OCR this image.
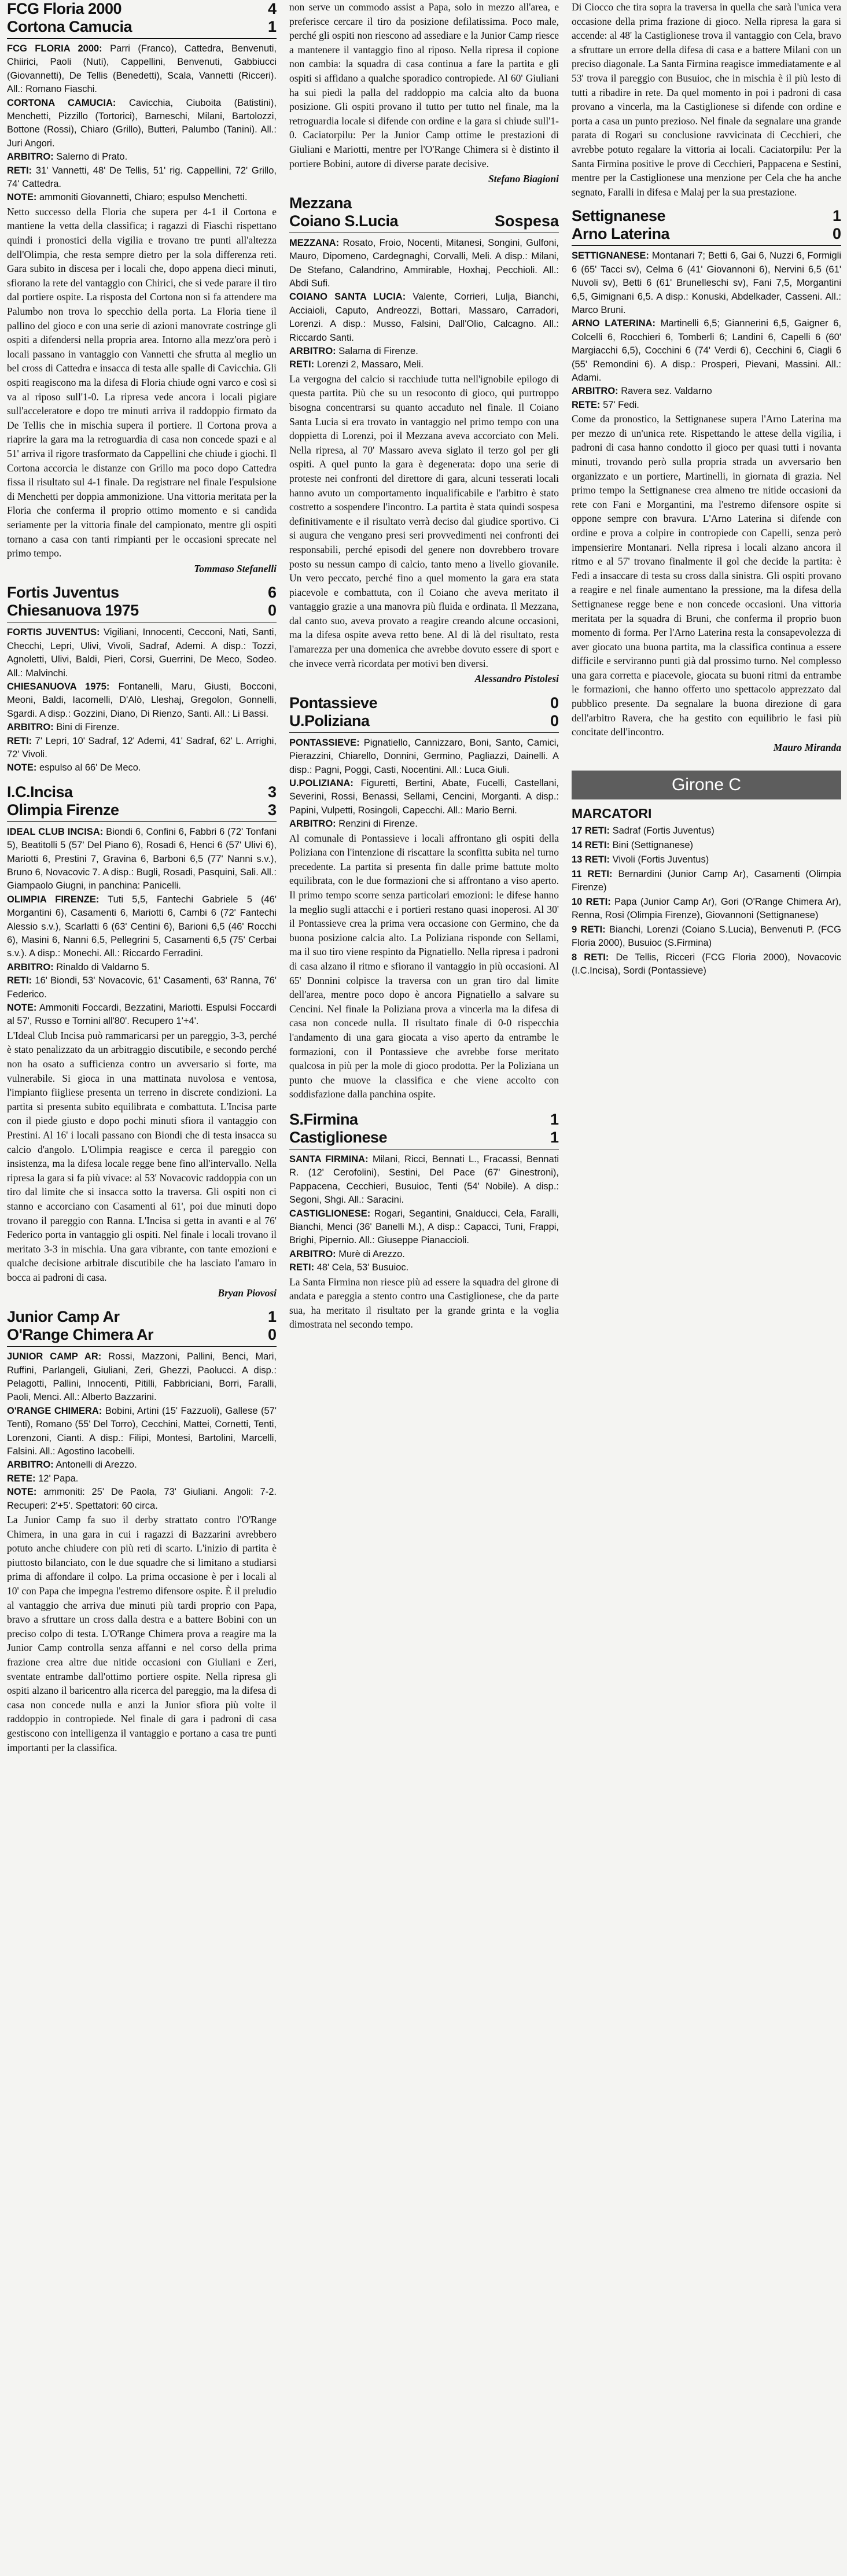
FCG Floria 2000	4
Cortona Camucia	1
FCG FLORIA 2000: Parri (Franco), Cattedra, Benvenuti, Chiirici, Paoli (Nuti), Cappellini, Benvenuti, Gabbiucci (Giovannetti), De Tellis (Benedetti), Scala, Vannetti (Ricceri). All.: Romano Fiaschi.
CORTONA CAMUCIA: Cavicchia, Ciuboita (Batistini), Menchetti, Pizzillo (Tortorici), Barneschi, Milani, Bartolozzi, Bottone (Rossi), Chiaro (Grillo), Butteri, Palumbo (Tanini). All.: Juri Angori.
ARBITRO: Salerno di Prato.
RETI: 31' Vannetti, 48' De Tellis, 51' rig. Cappellini, 72' Grillo, 74' Cattedra.
NOTE: ammoniti Giovannetti, Chiaro; espulso Menchetti.

Netto successo della Floria che supera per 4-1 il Cortona e mantiene la vetta della classifica; i ragazzi di Fiaschi rispettano quindi i pronostici della vigilia e trovano tre punti all'altezza dell'Olimpia, che resta sempre dietro per la sola differenza reti. Gara subito in discesa per i locali che, dopo appena dieci minuti, sfiorano la rete del vantaggio con Chirici, che si vede parare il tiro dal portiere ospite. La risposta del Cortona non si fa attendere ma Palumbo non trova lo specchio della porta. La Floria tiene il pallino del gioco e con una serie di azioni manovrate costringe gli ospiti a difendersi nella propria area. Intorno alla mezz'ora però i locali passano in vantaggio con Vannetti che sfrutta al meglio un bel cross di Cattedra e insacca di testa alle spalle di Cavicchia. Gli ospiti reagiscono ma la difesa di Floria chiude ogni varco e così si va al riposo sull'1-0. La ripresa vede ancora i locali pigiare sull'acceleratore e dopo tre minuti arriva il raddoppio firmato da De Tellis che in mischia supera il portiere. Il Cortona prova a riaprire la gara ma la retroguardia di casa non concede spazi e al 51' arriva il rigore trasformato da Cappellini che chiude i giochi. Il Cortona accorcia le distanze con Grillo ma poco dopo Cattedra fissa il risultato sul 4-1 finale. Da registrare nel finale l'espulsione di Menchetti per doppia ammonizione. Una vittoria meritata per la Floria che conferma il proprio ottimo momento e si candida seriamente per la vittoria finale del campionato, mentre gli ospiti tornano a casa con tanti rimpianti per le occasioni sprecate nel primo tempo.

Tommaso Stefanelli
Fortis Juventus	6
Chiesanuova 1975	0
FORTIS JUVENTUS: Vigiliani, Innocenti, Cecconi, Nati, Santi, Checchi, Lepri, Ulivi, Vivoli, Sadraf, Ademi. A disp.: Tozzi, Agnoletti, Ulivi, Baldi, Pieri, Corsi, Guerrini, De Meco, Sodeo. All.: Malvinchi.
CHIESANUOVA 1975: Fontanelli, Maru, Giusti, Bocconi, Meoni, Baldi, Iacomelli, D'Alò, Lleshaj, Gregolon, Gonnelli, Sgardi. A disp.: Gozzini, Diano, Di Rienzo, Santi. All.: Li Bassi.
ARBITRO: Bini di Firenze.
RETI: 7' Lepri, 10' Sadraf, 12' Ademi, 41' Sadraf, 62' L. Arrighi, 72' Vivoli.
NOTE: espulso al 66' De Meco.
I.C.Incisa	3
Olimpia Firenze	3
IDEAL CLUB INCISA: Biondi 6, Confini 6, Fabbri 6 (72' Tonfani 5), Beatitolli 5 (57' Del Piano 6), Rosadi 6, Henci 6 (57' Ulivi 6), Mariotti 6, Prestini 7, Gravina 6, Barboni 6,5 (77' Nanni s.v.), Bruno 6, Novacovic 7. A disp.: Bugli, Rosadi, Pasquini, Sali. All.: Giampaolo Giugni, in panchina: Panicelli.
OLIMPIA FIRENZE: Tuti 5,5, Fantechi Gabriele 5 (46' Morgantini 6), Casamenti 6, Mariotti 6, Cambi 6 (72' Fantechi Alessio s.v.), Scarlatti 6 (63' Centini 6), Barioni 6,5 (46' Rocchi 6), Masini 6, Nanni 6,5, Pellegrini 5, Casamenti 6,5 (75' Cerbai s.v.). A disp.: Monechi. All.: Riccardo Ferradini.
ARBITRO: Rinaldo di Valdarno 5.
RETI: 16' Biondi, 53' Novacovic, 61' Casamenti, 63' Ranna, 76' Federico.
NOTE: Ammoniti Foccardi, Bezzatini, Mariotti. Espulsi Foccardi al 57', Russo e Tornini all'80'. Recupero 1'+4'.

L'Ideal Club Incisa può rammaricarsi per un pareggio, 3-3, perché è stato penalizzato da un arbitraggio discutibile, e secondo perché non ha osato a sufficienza contro un avversario si forte, ma vulnerabile. Si gioca in una mattinata nuvolosa e ventosa, l'impianto fiigliese presenta un terreno in discrete condizioni. La partita si presenta subito equilibrata e combattuta. L'Incisa parte con il piede giusto e dopo pochi minuti sfiora il vantaggio con Prestini. Al 16' i locali passano con Biondi che di testa insacca su calcio d'angolo. L'Olimpia reagisce e cerca il pareggio con insistenza, ma la difesa locale regge bene fino all'intervallo. Nella ripresa la gara si fa più vivace: al 53' Novacovic raddoppia con un tiro dal limite che si insacca sotto la traversa. Gli ospiti non ci stanno e accorciano con Casamenti al 61', poi due minuti dopo trovano il pareggio con Ranna. L'Incisa si getta in avanti e al 76' Federico porta in vantaggio gli ospiti. Nel finale i locali trovano il meritato 3-3 in mischia. Una gara vibrante, con tante emozioni e qualche decisione arbitrale discutibile che ha lasciato l'amaro in bocca ai padroni di casa.

Bryan Piovosi
Junior Camp Ar	1
O'Range Chimera Ar	0
JUNIOR CAMP AR: Rossi, Mazzoni, Pallini, Benci, Mari, Ruffini, Parlangeli, Giuliani, Zeri, Ghezzi, Paolucci. A disp.: Pelagotti, Pallini, Innocenti, Pitilli, Fabbriciani, Borri, Faralli, Paoli, Menci. All.: Alberto Bazzarini.
O'RANGE CHIMERA: Bobini, Artini (15' Fazzuoli), Gallese (57' Tenti), Romano (55' Del Torro), Cecchini, Mattei, Cornetti, Tenti, Lorenzoni, Cianti. A disp.: Filipi, Montesi, Bartolini, Marcelli, Falsini. All.: Agostino Iacobelli.
ARBITRO: Antonelli di Arezzo.
RETE: 12' Papa.
NOTE: ammoniti: 25' De Paola, 73' Giuliani. Angoli: 7-2. Recuperi: 2'+5'. Spettatori: 60 circa.

La Junior Camp fa suo il derby strattato contro l'O'Range Chimera, in una gara in cui i ragazzi di Bazzarini avrebbero potuto anche chiudere con più reti di scarto. L'inizio di partita è piuttosto bilanciato, con le due squadre che si limitano a studiarsi prima di affondare il colpo. La prima occasione è per i locali al 10' con Papa che impegna l'estremo difensore ospite. È il preludio al vantaggio che arriva due minuti più tardi proprio con Papa, bravo a sfruttare un cross dalla destra e a battere Bobini con un preciso colpo di testa. L'O'Range Chimera prova a reagire ma la Junior Camp controlla senza affanni e nel corso della prima frazione crea altre due nitide occasioni con Giuliani e Zeri, sventate entrambe dall'ottimo portiere ospite. Nella ripresa gli ospiti alzano il baricentro alla ricerca del pareggio, ma la difesa di casa non concede nulla e anzi la Junior sfiora più volte il raddoppio in contropiede. Nel finale di gara i padroni di casa gestiscono con intelligenza il vantaggio e portano a casa tre punti importanti per la classifica.

non serve un commodo assist a Papa, solo in mezzo all'area, e preferisce cercare il tiro da posizione defilatissima. Poco male, perché gli ospiti non riescono ad assediare e la Junior Camp riesce a mantenere il vantaggio fino al riposo. Nella ripresa il copione non cambia: la squadra di casa continua a fare la partita e gli ospiti si affidano a qualche sporadico contropiede. Al 60' Giuliani ha sui piedi la palla del raddoppio ma calcia alto da buona posizione. Gli ospiti provano il tutto per tutto nel finale, ma la retroguardia locale si difende con ordine e la gara si chiude sull'1-0. Caciatorpilu: Per la Junior Camp ottime le prestazioni di Giuliani e Mariotti, mentre per l'O'Range Chimera si è distinto il portiere Bobini, autore di diverse parate decisive.

Stefano Biagioni
Mezzana
Coiano S.Lucia	Sospesa
MEZZANA: Rosato, Froio, Nocenti, Mitanesi, Songini, Gulfoni, Mauro, Dipomeno, Cardegnaghi, Corvalli, Meli. A disp.: Milani, De Stefano, Calandrino, Ammirable, Hoxhaj, Pecchioli. All.: Abdi Sufi.
COIANO SANTA LUCIA: Valente, Corrieri, Lulja, Bianchi, Acciaioli, Caputo, Andreozzi, Bottari, Massaro, Carradori, Lorenzi. A disp.: Musso, Falsini, Dall'Olio, Calcagno. All.: Riccardo Santi.
ARBITRO: Salama di Firenze.
RETI: Lorenzi 2, Massaro, Meli.

La vergogna del calcio si racchiude tutta nell'ignobile epilogo di questa partita. Più che su un resoconto di gioco, qui purtroppo bisogna concentrarsi su quanto accaduto nel finale. Il Coiano Santa Lucia si era trovato in vantaggio nel primo tempo con una doppietta di Lorenzi, poi il Mezzana aveva accorciato con Meli. Nella ripresa, al 70' Massaro aveva siglato il terzo gol per gli ospiti. A quel punto la gara è degenerata: dopo una serie di proteste nei confronti del direttore di gara, alcuni tesserati locali hanno avuto un comportamento inqualificabile e l'arbitro è stato costretto a sospendere l'incontro. La partita è stata quindi sospesa definitivamente e il risultato verrà deciso dal giudice sportivo. Ci si augura che vengano presi seri provvedimenti nei confronti dei responsabili, perché episodi del genere non dovrebbero trovare posto su nessun campo di calcio, tanto meno a livello giovanile. Un vero peccato, perché fino a quel momento la gara era stata piacevole e combattuta, con il Coiano che aveva meritato il vantaggio grazie a una manovra più fluida e ordinata. Il Mezzana, dal canto suo, aveva provato a reagire creando alcune occasioni, ma la difesa ospite aveva retto bene. Al di là del risultato, resta l'amarezza per una domenica che avrebbe dovuto essere di sport e che invece verrà ricordata per motivi ben diversi.

Alessandro Pistolesi
Pontassieve	0
U.Poliziana	0
PONTASSIEVE: Pignatiello, Cannizzaro, Boni, Santo, Camici, Pierazzini, Chiarello, Donnini, Germino, Pagliazzi, Dainelli. A disp.: Pagni, Poggi, Casti, Nocentini. All.: Luca Giuli.
U.POLIZIANA: Figuretti, Bertini, Abate, Fucelli, Castellani, Severini, Rossi, Benassi, Sellami, Cencini, Morganti. A disp.: Papini, Vulpetti, Rosingoli, Capecchi. All.: Mario Berni.
ARBITRO: Renzini di Firenze.

Al comunale di Pontassieve i locali affrontano gli ospiti della Poliziana con l'intenzione di riscattare la sconfitta subita nel turno precedente. La partita si presenta fin dalle prime battute molto equilibrata, con le due formazioni che si affrontano a viso aperto. Il primo tempo scorre senza particolari emozioni: le difese hanno la meglio sugli attacchi e i portieri restano quasi inoperosi. Al 30' il Pontassieve crea la prima vera occasione con Germino, che da buona posizione calcia alto. La Poliziana risponde con Sellami, ma il suo tiro viene respinto da Pignatiello. Nella ripresa i padroni di casa alzano il ritmo e sfiorano il vantaggio in più occasioni. Al 65' Donnini colpisce la traversa con un gran tiro dal limite dell'area, mentre poco dopo è ancora Pignatiello a salvare su Cencini. Nel finale la Poliziana prova a vincerla ma la difesa di casa non concede nulla. Il risultato finale di 0-0 rispecchia l'andamento di una gara giocata a viso aperto da entrambe le formazioni, con il Pontassieve che avrebbe forse meritato qualcosa in più per la mole di gioco prodotta. Per la Poliziana un punto che muove la classifica e che viene accolto con soddisfazione dalla panchina ospite.

S.Firmina	1
Castiglionese	1
SANTA FIRMINA: Milani, Ricci, Bennati L., Fracassi, Bennati R. (12' Cerofolini), Sestini, Del Pace (67' Ginestroni), Pappacena, Cecchieri, Busuioc, Tenti (54' Nobile). A disp.: Segoni, Shgi. All.: Saracini.
CASTIGLIONESE: Rogari, Segantini, Gnalducci, Cela, Faralli, Bianchi, Menci (36' Banelli M.), A disp.: Capacci, Tuni, Frappi, Brighi, Pipernio. All.: Giuseppe Pianaccioli.
ARBITRO: Murè di Arezzo.
RETI: 48' Cela, 53' Busuioc.

La Santa Firmina non riesce più ad essere la squadra del girone di andata e pareggia a stento contro una Castiglionese, che da parte sua, ha meritato il risultato per la grande grinta e la voglia dimostrata nel secondo tempo.

Di Ciocco che tira sopra la traversa in quella che sarà l'unica vera occasione della prima frazione di gioco. Nella ripresa la gara si accende: al 48' la Castiglionese trova il vantaggio con Cela, bravo a sfruttare un errore della difesa di casa e a battere Milani con un preciso diagonale. La Santa Firmina reagisce immediatamente e al 53' trova il pareggio con Busuioc, che in mischia è il più lesto di tutti a ribadire in rete. Da quel momento in poi i padroni di casa provano a vincerla, ma la Castiglionese si difende con ordine e porta a casa un punto prezioso. Nel finale da segnalare una grande parata di Rogari su conclusione ravvicinata di Cecchieri, che avrebbe potuto regalare la vittoria ai locali. Caciatorpilu: Per la Santa Firmina positive le prove di Cecchieri, Pappacena e Sestini, mentre per la Castiglionese una menzione per Cela che ha anche segnato, Faralli in difesa e Malaj per la sua prestazione.

Settignanese	1
Arno Laterina	0
SETTIGNANESE: Montanari 7; Betti 6, Gai 6, Nuzzi 6, Formigli 6 (65' Tacci sv), Celma 6 (41' Giovannoni 6), Nervini 6,5 (61' Nuvoli sv), Betti 6 (61' Brunelleschi sv), Fani 7,5, Morgantini 6,5, Gimignani 6,5. A disp.: Konuski, Abdelkader, Casseni. All.: Marco Bruni.
ARNO LATERINA: Martinelli 6,5; Giannerini 6,5, Gaigner 6, Colcelli 6, Rocchieri 6, Tomberli 6; Landini 6, Capelli 6 (60' Margiacchi 6,5), Cocchini 6 (74' Verdi 6), Cecchini 6, Ciagli 6 (55' Remondini 6). A disp.: Prosperi, Pievani, Massini. All.: Adami.
ARBITRO: Ravera sez. Valdarno
RETE: 57' Fedi.

Come da pronostico, la Settignanese supera l'Arno Laterina ma per mezzo di un'unica rete. Rispettando le attese della vigilia, i padroni di casa hanno condotto il gioco per quasi tutti i novanta minuti, trovando però sulla propria strada un avversario ben organizzato e un portiere, Martinelli, in giornata di grazia. Nel primo tempo la Settignanese crea almeno tre nitide occasioni da rete con Fani e Morgantini, ma l'estremo difensore ospite si oppone sempre con bravura. L'Arno Laterina si difende con ordine e prova a colpire in contropiede con Capelli, senza però impensierire Montanari. Nella ripresa i locali alzano ancora il ritmo e al 57' trovano finalmente il gol che decide la partita: è Fedi a insaccare di testa su cross dalla sinistra. Gli ospiti provano a reagire e nel finale aumentano la pressione, ma la difesa della Settignanese regge bene e non concede occasioni. Una vittoria meritata per la squadra di Bruni, che conferma il proprio buon momento di forma. Per l'Arno Laterina resta la consapevolezza di aver giocato una buona partita, ma la classifica continua a essere difficile e serviranno punti già dal prossimo turno. Nel complesso una gara corretta e piacevole, giocata su buoni ritmi da entrambe le formazioni, che hanno offerto uno spettacolo apprezzato dal pubblico presente. Da segnalare la buona direzione di gara dell'arbitro Ravera, che ha gestito con equilibrio le fasi più concitate dell'incontro.

Mauro Miranda
Girone C
MARCATORI
17 RETI: Sadraf (Fortis Juventus)
14 RETI: Bini (Settignanese)
13 RETI: Vivoli (Fortis Juventus)
11 RETI: Bernardini (Junior Camp Ar), Casamenti (Olimpia Firenze)
10 RETI: Papa (Junior Camp Ar), Gori (O'Range Chimera Ar), Renna, Rosi (Olimpia Firenze), Giovannoni (Settignanese)
9 RETI: Bianchi, Lorenzi (Coiano S.Lucia), Benvenuti P. (FCG Floria 2000), Busuioc (S.Firmina)
8 RETI: De Tellis, Ricceri (FCG Floria 2000), Novacovic (I.C.Incisa), Sordi (Pontassieve)
